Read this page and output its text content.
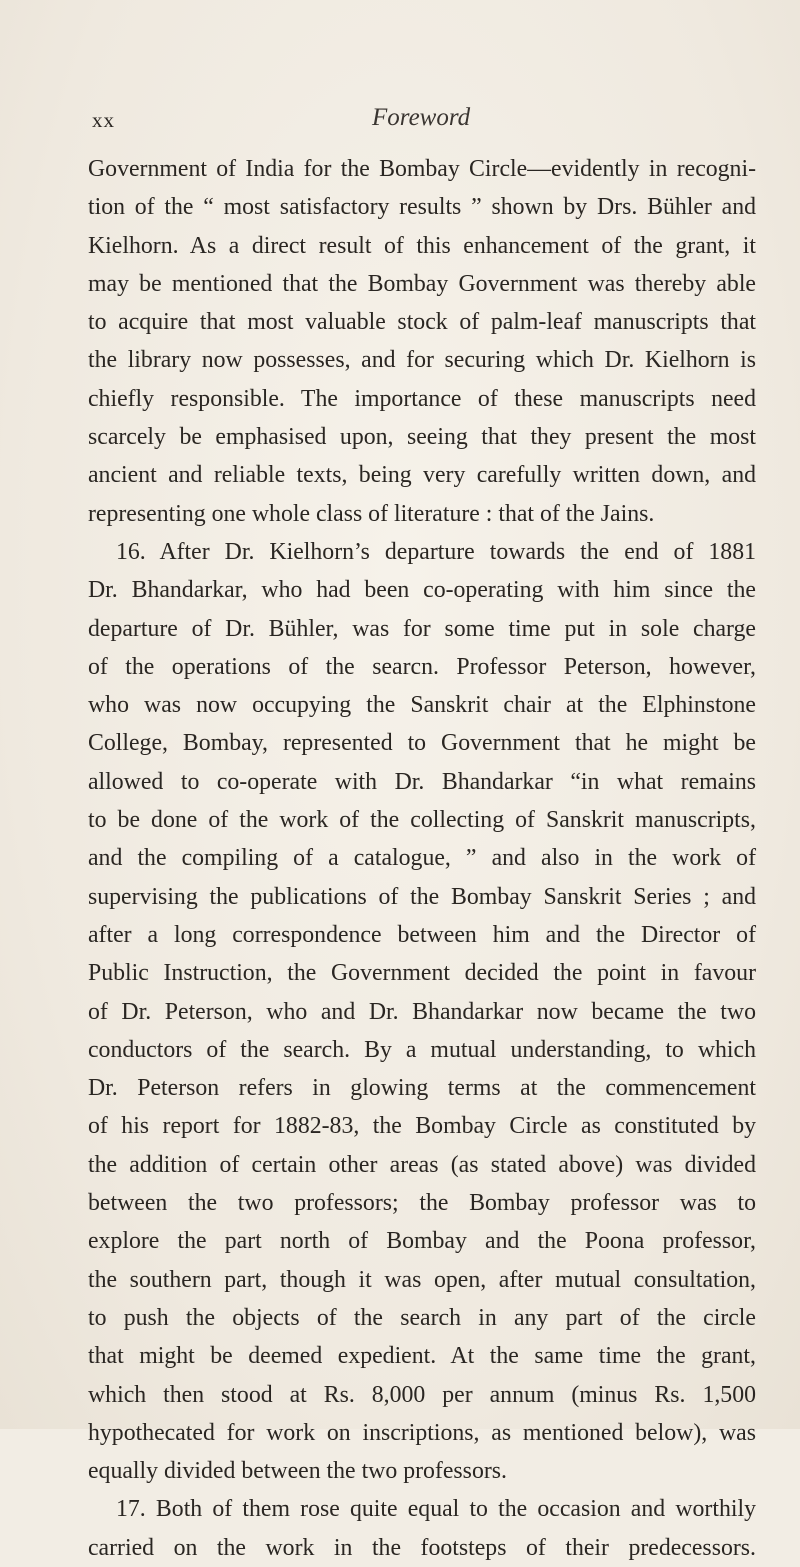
xx	Foreword
Government of India for the Bombay Circle—evidently in recogni-
tion of the “ most satisfactory results ” shown by Drs. Bühler and
Kielhorn. As a direct result of this enhancement of the grant, it
may be mentioned that the Bombay Government was thereby able
to acquire that most valuable stock of palm-leaf manuscripts that
the library now possesses, and for securing which Dr. Kielhorn is
chiefly responsible. The importance of these manuscripts need
scarcely be emphasised upon, seeing that they present the most
ancient and reliable texts, being very carefully written down, and
representing one whole class of literature : that of the Jains.
16. After Dr. Kielhorn’s departure towards the end of 1881
Dr. Bhandarkar, who had been co-operating with him since the
departure of Dr. Bühler, was for some time put in sole charge
of the operations of the searcn. Professor Peterson, however,
who was now occupying the Sanskrit chair at the Elphinstone
College, Bombay, represented to Government that he might be
allowed to co-operate with Dr. Bhandarkar “in what remains
to be done of the work of the collecting of Sanskrit manuscripts,
and the compiling of a catalogue, ” and also in the work of
supervising the publications of the Bombay Sanskrit Series ; and
after a long correspondence between him and the Director of
Public Instruction, the Government decided the point in favour
of Dr. Peterson, who and Dr. Bhandarkar now became the two
conductors of the search. By a mutual understanding, to which
Dr. Peterson refers in glowing terms at the commencement
of his report for 1882-83, the Bombay Circle as constituted by
the addition of certain other areas (as stated above) was divided
between the two professors; the Bombay professor was to
explore the part north of Bombay and the Poona professor,
the southern part, though it was open, after mutual consultation,
to push the objects of the search in any part of the circle
that might be deemed expedient. At the same time the grant,
which then stood at Rs. 8,000 per annum (minus Rs. 1,500
hypothecated for work on inscriptions, as mentioned below), was
equally divided between the two professors.
17. Both of them rose quite equal to the occasion and worthily
carried on the work in the footsteps of their predecessors.
